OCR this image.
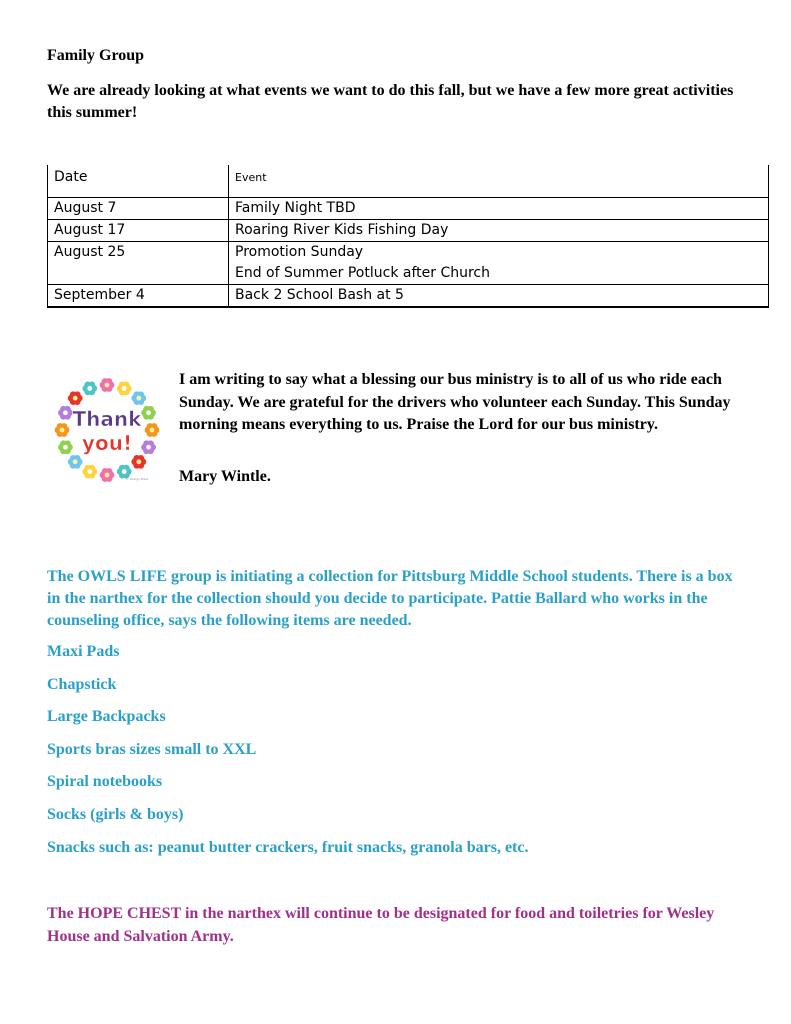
Family Group
We are already looking at what events we want to do this fall, but we have a few more great activities this summer!
Date	Event
August 7	Family Night TBD

August 17	Roaring River Kids Fishing Day

August 25	Promotion Sunday
End of Summer Potluck after Church

September 4	Back 2 School Bash at 5
Thank
you!
© Design Bible
I am writing to say what a blessing our bus ministry is to all of us who ride each Sunday. We are grateful for the drivers who volunteer each Sunday. This Sunday morning means everything to us. Praise the Lord for our bus ministry.
Mary Wintle.
The OWLS LIFE group is initiating a collection for Pittsburg Middle School students. There is a box in the narthex for the collection should you decide to participate. Pattie Ballard who works in the counseling office, says the following items are needed.
Maxi Pads
Chapstick
Large Backpacks
Sports bras sizes small to XXL
Spiral notebooks
Socks (girls & boys)
Snacks such as: peanut butter crackers, fruit snacks, granola bars, etc.
The HOPE CHEST in the narthex will continue to be designated for food and toiletries for Wesley House and Salvation Army.
